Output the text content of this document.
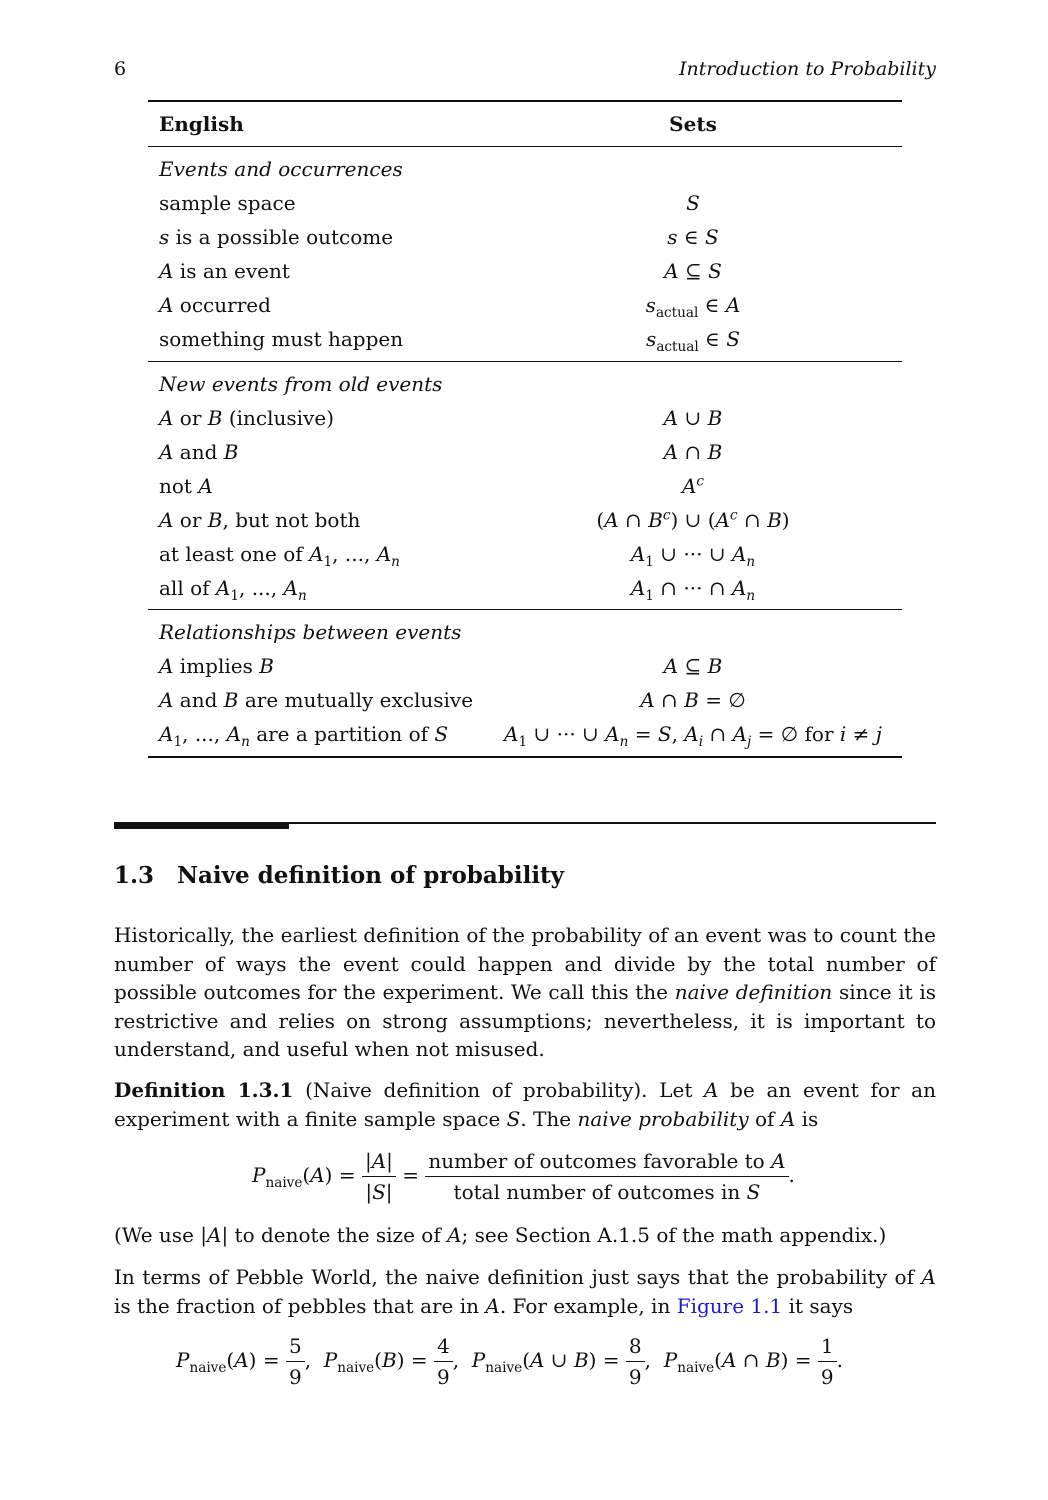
6	Introduction to Probability
English	Sets
Events and occurrences
sample space	S
s is a possible outcome	s ∈ S
A is an event	A ⊆ S
A occurred	$s_{actual}$ ∈ A
something must happen	$s_{actual}$ ∈ S
New events from old events
A or B (inclusive)	A ∪ B
A and B	A ∩ B
not A	$A^c$
A or B, but not both	(A ∩ $B^c$) ∪ ($A^c$ ∩ B)
at least one of $A_1$, ..., $A_n$	$A_1$ ∪ ··· ∪ $A_n$
all of $A_1$, ..., $A_n$	$A_1$ ∩ ··· ∩ $A_n$
Relationships between events
A implies B	A ⊆ B
A and B are mutually exclusive	A ∩ B = ∅
$A_1$, ..., $A_n$ are a partition of S	$A_1$ ∪ ··· ∪ $A_n = S$, $A_i$ ∩ $A_j$ = ∅ for i ≠ j
1.3 Naive definition of probability
Historically, the earliest definition of the probability of an event was to count the number of ways the event could happen and divide by the total number of possible outcomes for the experiment. We call this the naive definition since it is restrictive and relies on strong assumptions; nevertheless, it is important to understand, and useful when not misused.
Definition 1.3.1 (Naive definition of probability). Let A be an event for an experiment with a finite sample space S. The naive probability of A is
$P_{naive}(A) = \frac{|A|}{|S|} = \frac{\text{number of outcomes favorable to A}}{\text{total number of outcomes in S}}$ .
(We use |A| to denote the size of A; see Section A.1.5 of the math appendix.)
In terms of Pebble World, the naive definition just says that the probability of A is the fraction of pebbles that are in A. For example, in Figure 1.1 it says
$P_{naive}(A) = \frac{5}{9}$ ,  $P_{naive}(B) = \frac{4}{9}$ ,  $P_{naive}(A$ ∪ $B) = \frac{8}{9}$ ,  $P_{naive}(A$ ∩ $B) = \frac{1}{9}$ .
